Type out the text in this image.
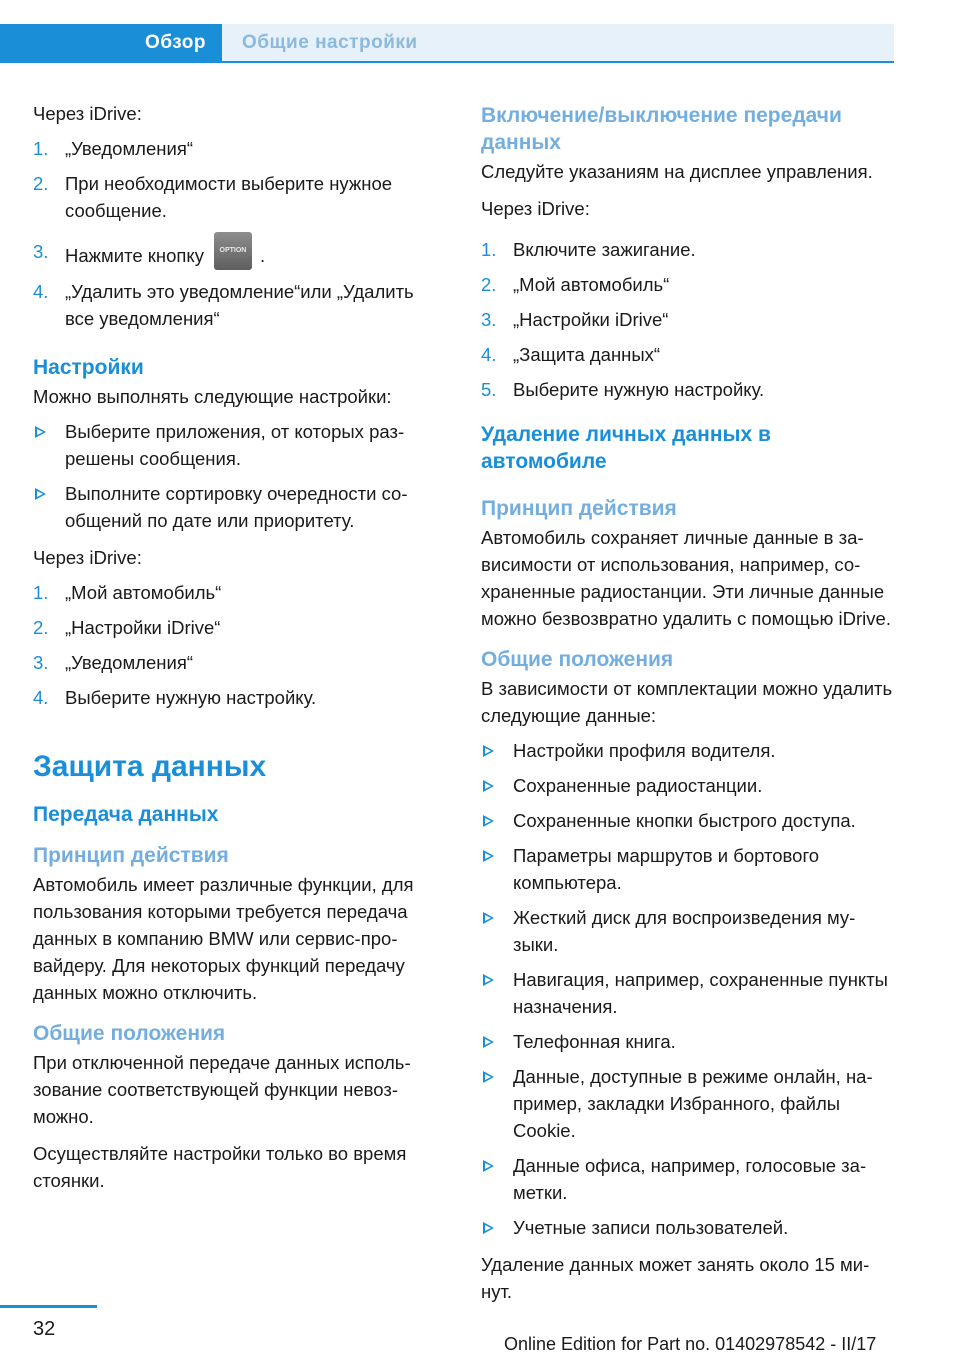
Обзор	Общие настройки

Через iDrive:

1. „Уведомления“
2. При необходимости выберите нужное сообщение.
3. Нажмите кнопку OPTION .
4. „Удалить это уведомление“или „Удалить все уведомления“
Настройки

Можно выполнять следующие настройки:

Выберите приложения, от которых разрешены сообщения.
Выполните сортировку очередности сообщений по дате или приоритету.

Через iDrive:

1. „Мой автомобиль“
2. „Настройки iDrive“
3. „Уведомления“
4. Выберите нужную настройку.
Защита данных
Передача данных
Принцип действия

Автомобиль имеет различные функции, для пользования которыми требуется передача данных в компанию BMW или сервис-провайдеру. Для некоторых функций передачу данных можно отключить.

Общие положения

При отключенной передаче данных использование соответствующей функции невозможно.

Осуществляйте настройки только во время стоянки.

Включение/выключение передачи данных

Следуйте указаниям на дисплее управления.

Через iDrive:

1. Включите зажигание.
2. „Мой автомобиль“
3. „Настройки iDrive“
4. „Защита данных“
5. Выберите нужную настройку.
Удаление личных данных в автомобиле
Принцип действия

Автомобиль сохраняет личные данные в зависимости от использования, например, сохраненные радиостанции. Эти личные данные можно безвозвратно удалить с помощью iDrive.

Общие положения

В зависимости от комплектации можно удалить следующие данные:

Настройки профиля водителя.
Сохраненные радиостанции.
Сохраненные кнопки быстрого доступа.
Параметры маршрутов и бортового компьютера.
Жесткий диск для воспроизведения музыки.
Навигация, например, сохраненные пункты назначения.
Телефонная книга.
Данные, доступные в режиме онлайн, например, закладки Избранного, файлы Cookie.
Данные офиса, например, голосовые заметки.
Учетные записи пользователей.

Удаление данных может занять около 15 минут.

32
Online Edition for Part no. 01402978542 - II/17
